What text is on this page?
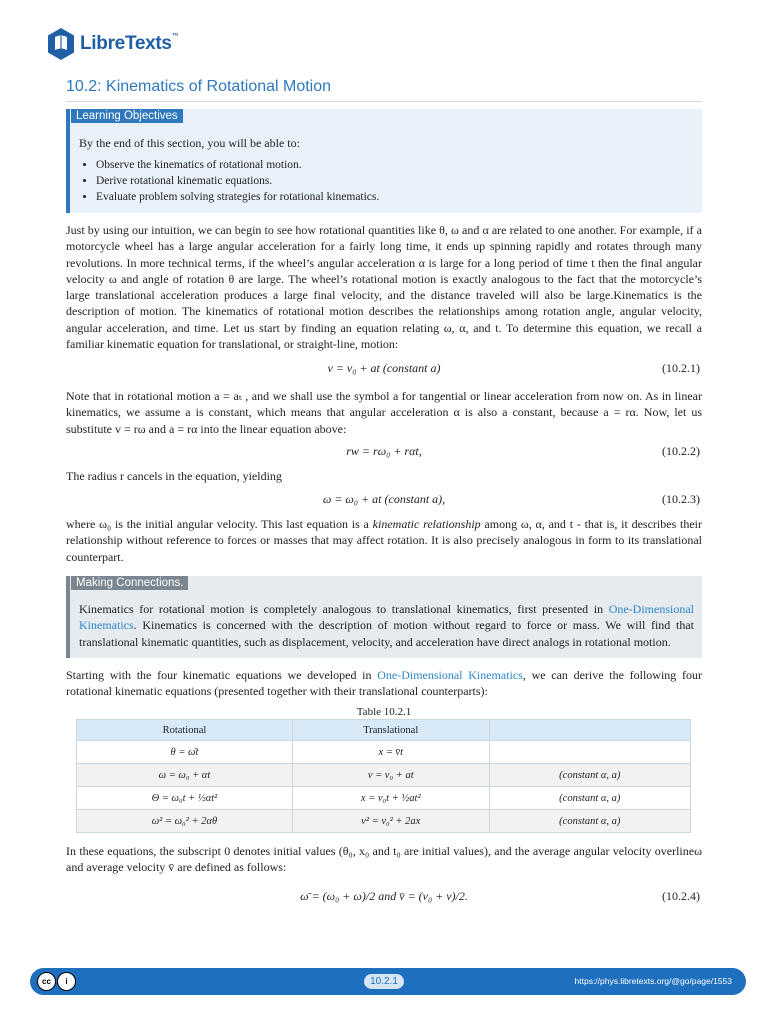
LibreTexts™
10.2: Kinematics of Rotational Motion
Learning Objectives
By the end of this section, you will be able to:
• Observe the kinematics of rotational motion.
• Derive rotational kinematic equations.
• Evaluate problem solving strategies for rotational kinematics.

Just by using our intuition, we can begin to see how rotational quantities like θ, ω and α are related to one another. For example, if a motorcycle wheel has a large angular acceleration for a fairly long time, it ends up spinning rapidly and rotates through many revolutions. In more technical terms, if the wheel’s angular acceleration α is large for a long period of time t then the final angular velocity ω and angle of rotation θ are large. The wheel’s rotational motion is exactly analogous to the fact that the motorcycle’s large translational acceleration produces a large final velocity, and the distance traveled will also be large.Kinematics is the description of motion. The kinematics of rotational motion describes the relationships among rotation angle, angular velocity, angular acceleration, and time. Let us start by finding an equation relating ω, α, and t. To determine this equation, we recall a familiar kinematic equation for translational, or straight-line, motion:

v = v₀ + at (constant a)	(10.2.1)

Note that in rotational motion a = aₜ , and we shall use the symbol a for tangential or linear acceleration from now on. As in linear kinematics, we assume a is constant, which means that angular acceleration α is also a constant, because a = rα. Now, let us substitute v = rω and a = rα into the linear equation above:

rw = rω₀ + rαt,	(10.2.2)

The radius r cancels in the equation, yielding

ω = ω₀ + at (constant a),	(10.2.3)

where ω₀ is the initial angular velocity. This last equation is a kinematic relationship among ω, α, and t - that is, it describes their relationship without reference to forces or masses that may affect rotation. It is also precisely analogous in form to its translational counterpart.

Making Connections.

Kinematics for rotational motion is completely analogous to translational kinematics, first presented in One-Dimensional Kinematics. Kinematics is concerned with the description of motion without regard to force or mass. We will find that translational kinematic quantities, such as displacement, velocity, and acceleration have direct analogs in rotational motion.

Starting with the four kinematic equations we developed in One-Dimensional Kinematics, we can derive the following four rotational kinematic equations (presented together with their translational counterparts):

Table 10.2.1
Rotational	Translational	
θ = ω̄t	x = v̄t	
ω = ω₀ + αt	v = v₀ + at	(constant α, a)
Θ = ω₀t + ½αt²	x = v₀t + ½at²	(constant α, a)
ω² = ω₀² + 2αθ	v² = v₀² + 2ax	(constant α, a)

In these equations, the subscript 0 denotes initial values (θ₀, x₀ and t₀ are initial values), and the average angular velocity overlineω and average velocity v̄ are defined as follows:

ω̄ = (ω₀ + ω)/2 and v̄ = (v₀ + v)/2.	(10.2.4)
cc	i	10.2.1	https://phys.libretexts.org/@go/page/1553
